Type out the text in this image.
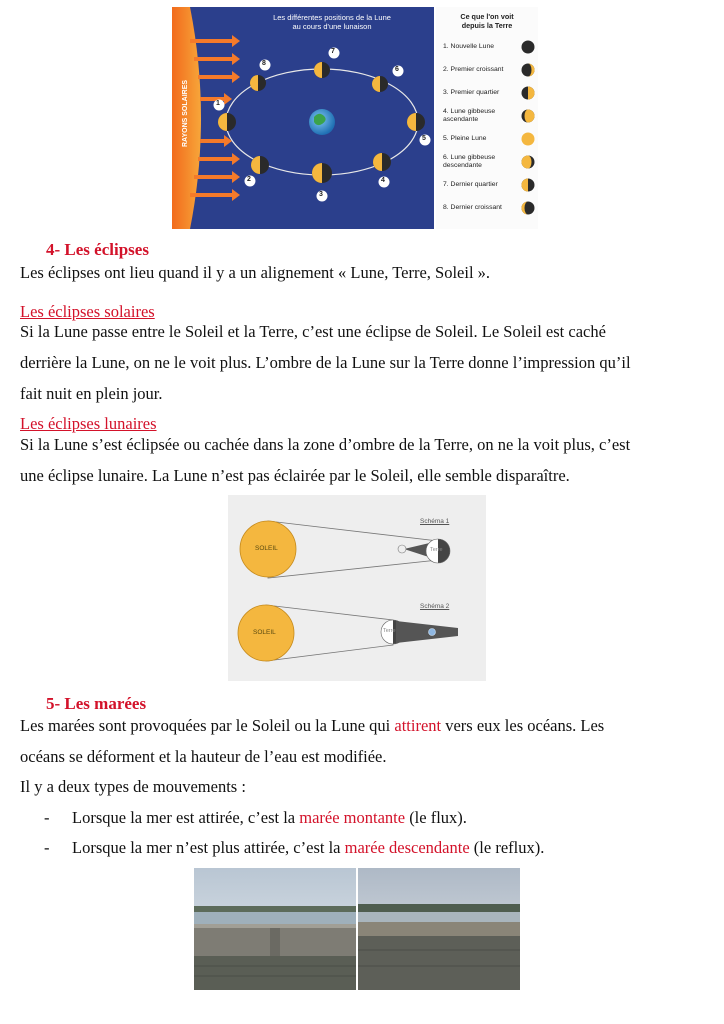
Les différentes positions de la Lune
au cours d'une lunaison
RAYONS SOLAIRES	1
2
3
4
5
6
7
8
Ce que l'on voit
depuis la Terre
1. Nouvelle Lune
2. Premier croissant
3. Premier quartier
4. Lune gibbeuse ascendante
5. Pleine Lune
6. Lune gibbeuse descendante
7. Dernier quartier
8. Dernier croissant
4- Les éclipses
Les éclipses ont lieu quand il y a un alignement « Lune, Terre, Soleil ».
Les éclipses solaires
Si la Lune passe entre le Soleil et la Terre, c’est une éclipse de Soleil. Le Soleil est caché
derrière la Lune, on ne le voit plus. L’ombre de la Lune sur la Terre donne l’impression qu’il
fait nuit en plein jour.
Les éclipses lunaires
Si la Lune s’est éclipsée ou cachée dans la zone d’ombre de la Terre, on ne la voit plus, c’est
une éclipse lunaire. La Lune n’est pas éclairée par le Soleil, elle semble disparaître.
Schéma 1
Schéma 2
SOLEIL
SOLEIL
Terre
Terre
5- Les marées
Les marées sont provoquées par le Soleil ou la Lune qui attirent vers eux les océans. Les
océans se déforment et la hauteur de l’eau est modifiée.
Il y a deux types de mouvements :
- Lorsque la mer est attirée, c’est la marée montante (le flux).
- Lorsque la mer n’est plus attirée, c’est la marée descendante (le reflux).
